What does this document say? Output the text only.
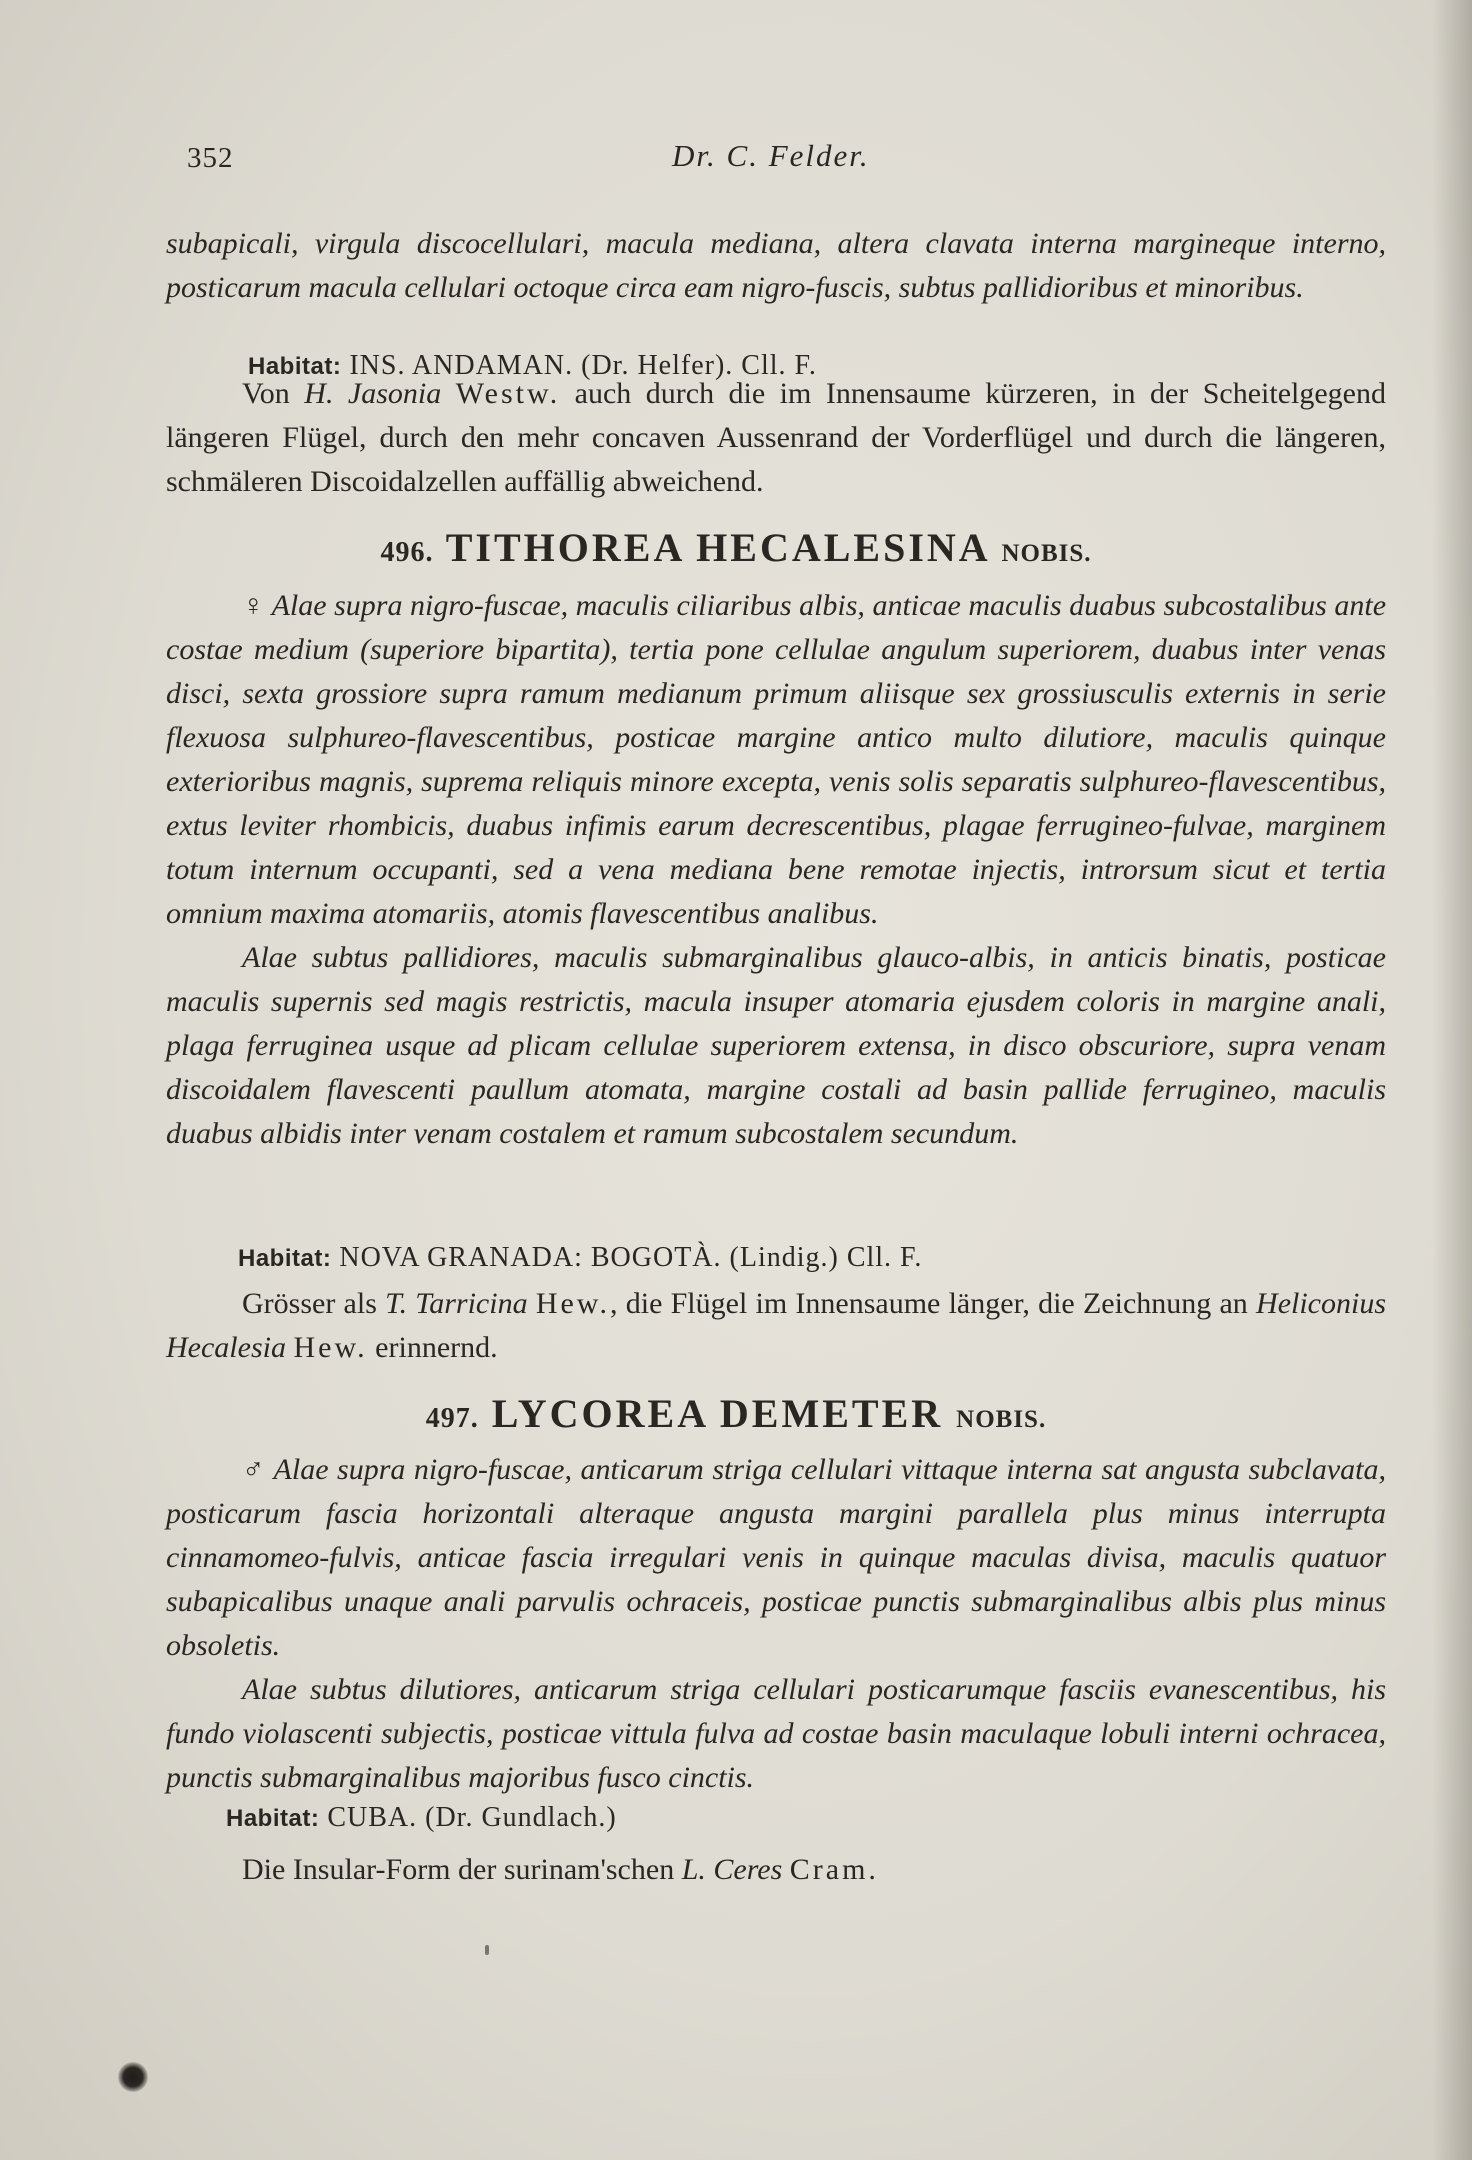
352	Dr. C. Felder.

subapicali, virgula discocellulari, macula mediana, altera clavata interna margineque interno, posticarum macula cellulari octoque circa eam nigro-fuscis, subtus pallidioribus et minoribus.

Habitat: INS. ANDAMAN. (Dr. Helfer). Cll. F.

Von H. Jasonia Westw. auch durch die im Innensaume kürzeren, in der Scheitelgegend längeren Flügel, durch den mehr concaven Aussenrand der Vorderflügel und durch die längeren, schmäleren Discoidalzellen auffällig abweichend.

496. TITHOREA HECALESINA NOBIS.

♀ Alae supra nigro-fuscae, maculis ciliaribus albis, anticae maculis duabus subcostalibus ante costae medium (superiore bipartita), tertia pone cellulae angulum superiorem, duabus inter venas disci, sexta grossiore supra ramum medianum primum aliisque sex grossiusculis externis in serie flexuosa sulphureo-flavescentibus, posticae margine antico multo dilutiore, maculis quinque exterioribus magnis, suprema reliquis minore excepta, venis solis separatis sulphureo-flavescentibus, extus leviter rhombicis, duabus infimis earum decrescentibus, plagae ferrugineo-fulvae, marginem totum internum occupanti, sed a vena mediana bene remotae injectis, introrsum sicut et tertia omnium maxima atomariis, atomis flavescentibus analibus.

Alae subtus pallidiores, maculis submarginalibus glauco-albis, in anticis binatis, posticae maculis supernis sed magis restrictis, macula insuper atomaria ejusdem coloris in margine anali, plaga ferruginea usque ad plicam cellulae superiorem extensa, in disco obscuriore, supra venam discoidalem flavescenti paullum atomata, margine costali ad basin pallide ferrugineo, maculis duabus albidis inter venam costalem et ramum subcostalem secundum.

Habitat: NOVA GRANADA: BOGOTÀ. (Lindig.) Cll. F.

Grösser als T. Tarricina Hew., die Flügel im Innensaume länger, die Zeichnung an Heliconius Hecalesia Hew. erinnernd.

497. LYCOREA DEMETER NOBIS.

♂ Alae supra nigro-fuscae, anticarum striga cellulari vittaque interna sat angusta subclavata, posticarum fascia horizontali alteraque angusta margini parallela plus minus interrupta cinnamomeo-fulvis, anticae fascia irregulari venis in quinque maculas divisa, maculis quatuor subapicalibus unaque anali parvulis ochraceis, posticae punctis submarginalibus albis plus minus obsoletis.

Alae subtus dilutiores, anticarum striga cellulari posticarumque fasciis evanescentibus, his fundo violascenti subjectis, posticae vittula fulva ad costae basin maculaque lobuli interni ochracea, punctis submarginalibus majoribus fusco cinctis.

Habitat: CUBA. (Dr. Gundlach.)

Die Insular-Form der surinam'schen L. Ceres Cram.
